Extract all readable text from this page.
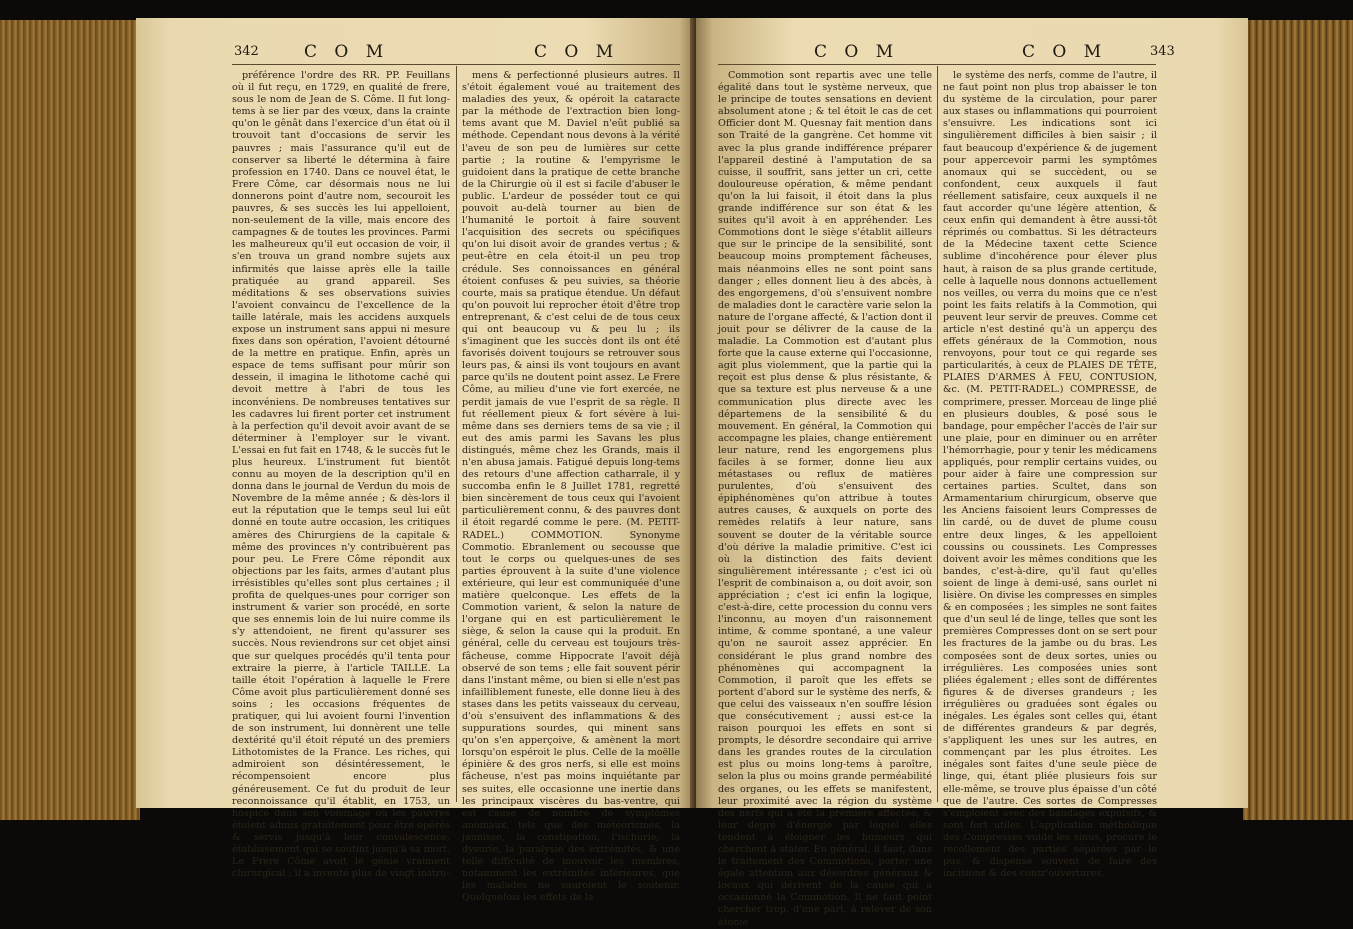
342	C O M	C O M

préférence l'ordre des RR. PP. Feuillans où il fut reçu, en 1729, en qualité de frere, sous le nom de Jean de S. Côme. Il fut long-tems à se lier par des vœux, dans la crainte qu'on le gênât dans l'exercice d'un état où il trouvoit tant d'occasions de servir les pauvres ; mais l'assurance qu'il eut de conserver sa liberté le détermina à faire profession en 1740. Dans ce nouvel état, le Frere Côme, car désormais nous ne lui donnerons point d'autre nom, secouroit les pauvres, & ses succès les lui appelloient, non-seulement de la ville, mais encore des campagnes & de toutes les provinces. Parmi les malheureux qu'il eut occasion de voir, il s'en trouva un grand nombre sujets aux infirmités que laisse après elle la taille pratiquée au grand appareil. Ses méditations & ses observations suivies l'avoient convaincu de l'excellence de la taille latérale, mais les accidens auxquels expose un instrument sans appui ni mesure fixes dans son opération, l'avoient détourné de la mettre en pratique. Enfin, après un espace de tems suffisant pour mûrir son dessein, il imagina le lithotome caché qui devoit mettre à l'abri de tous les inconvéniens. De nombreuses tentatives sur les cadavres lui firent porter cet instrument à la perfection qu'il devoit avoir avant de se déterminer à l'employer sur le vivant. L'essai en fut fait en 1748, & le succès fut le plus heureux. L'instrument fut bientôt connu au moyen de la description qu'il en donna dans le journal de Verdun du mois de Novembre de la même année ; & dès-lors il eut la réputation que le temps seul lui eût donné en toute autre occasion, les critiques amères des Chirurgiens de la capitale & même des provinces n'y contribuèrent pas pour peu. Le Frere Côme répondit aux objections par les faits, armes d'autant plus irrésistibles qu'elles sont plus certaines ; il profita de quelques-unes pour corriger son instrument & varier son procédé, en sorte que ses ennemis loin de lui nuire comme ils s'y attendoient, ne firent qu'assurer ses succès. Nous reviendrons sur cet objet ainsi que sur quelques procédés qu'il tenta pour extraire la pierre, à l'article TAILLE. La taille étoit l'opération à laquelle le Frere Côme avoit plus particulièrement donné ses soins ; les occasions fréquentes de pratiquer, qui lui avoient fourni l'invention de son instrument, lui donnèrent une telle dextérité qu'il étoit réputé un des premiers Lithotomistes de la France. Les riches, qui admiroient son désintéressement, le récompensoient encore plus généreusement. Ce fut du produit de leur reconnoissance qu'il établit, en 1753, un hospice dans son voisinage où les pauvres étoient admis gratuitement pour être opérés & servis jusqu'à leur convalescence, établissement qui se soutint jusqu'à sa mort. Le Frere Côme avoit le génie vraiment chirurgical ; il a inventé plus de vingt instru-

mens & perfectionné plusieurs autres. Il s'étoit également voué au traitement des maladies des yeux, & opéroit la cataracte par la méthode de l'extraction bien long-tems avant que M. Daviel n'eût publié sa méthode. Cependant nous devons à la vérité l'aveu de son peu de lumières sur cette partie ; la routine & l'empyrisme le guidoient dans la pratique de cette branche de la Chirurgie où il est si facile d'abuser le public. L'ardeur de posséder tout ce qui pouvoit au-delà tourner au bien de l'humanité le portoit à faire souvent l'acquisition des secrets ou spécifiques qu'on lui disoit avoir de grandes vertus ; & peut-être en cela étoit-il un peu trop crédule. Ses connoissances en général étoient confuses & peu suivies, sa théorie courte, mais sa pratique étendue. Un défaut qu'on pouvoit lui reprocher étoit d'être trop entreprenant, & c'est celui de de tous ceux qui ont beaucoup vu & peu lu ; ils s'imaginent que les succès dont ils ont été favorisés doivent toujours se retrouver sous leurs pas, & ainsi ils vont toujours en avant parce qu'ils ne doutent point assez. Le Frere Côme, au milieu d'une vie fort exercée, ne perdit jamais de vue l'esprit de sa règle. Il fut réellement pieux & fort sévère à lui-même dans ses derniers tems de sa vie ; il eut des amis parmi les Savans les plus distingués, même chez les Grands, mais il n'en abusa jamais. Fatigué depuis long-tems des retours d'une affection catharrale, il y succomba enfin le 8 Juillet 1781, regretté bien sincèrement de tous ceux qui l'avoient particulièrement connu, & des pauvres dont il étoit regardé comme le pere. (M. PETIT-RADEL.) COMMOTION. Synonyme Commotio. Ebranlement ou secousse que tout le corps ou quelques-unes de ses parties éprouvent à la suite d'une violence extérieure, qui leur est communiquée d'une matière quelconque. Les effets de la Commotion varient, & selon la nature de l'organe qui en est particulièrement le siège, & selon la cause qui la produit. En général, celle du cerveau est toujours très-fâcheuse, comme Hippocrate l'avoit déjà observé de son tems ; elle fait souvent périr dans l'instant même, ou bien si elle n'est pas infailliblement funeste, elle donne lieu à des stases dans les petits vaisseaux du cerveau, d'où s'ensuivent des inflammations & des suppurations sourdes, qui minent sans qu'on s'en apperçoive, & amènent la mort lorsqu'on espéroit le plus. Celle de la moëlle épinière & des gros nerfs, si elle est moins fâcheuse, n'est pas moins inquiétante par ses suites, elle occasionne une inertie dans les principaux viscères du bas-ventre, qui est cause de nombre de symptômes anomaux, tels que des météorismes, la jaunisse, la constipation, l'ischurie, la dysurie, la paralysie des extrémités, & une telle difficulté de mouvoir les membres, notamment les extrémités inférieures, que les malades ne sauroient le soutenir. Quelquefois les effets de la

C O M	C O M	343

Commotion sont repartis avec une telle égalité dans tout le système nerveux, que le principe de toutes sensations en devient absolument atone ; & tel étoit le cas de cet Officier dont M. Quesnay fait mention dans son Traité de la gangrène. Cet homme vit avec la plus grande indifférence préparer l'appareil destiné à l'amputation de sa cuisse, il souffrit, sans jetter un cri, cette douloureuse opération, & même pendant qu'on la lui faisoit, il étoit dans la plus grande indifférence sur son état & les suites qu'il avoit à en appréhender. Les Commotions dont le siège s'établit ailleurs que sur le principe de la sensibilité, sont beaucoup moins promptement fâcheuses, mais néanmoins elles ne sont point sans danger ; elles donnent lieu à des abcès, à des engorgemens, d'où s'ensuivent nombre de maladies dont le caractère varie selon la nature de l'organe affecté, & l'action dont il jouit pour se délivrer de la cause de la maladie. La Commotion est d'autant plus forte que la cause externe qui l'occasionne, agit plus violemment, que la partie qui la reçoit est plus dense & plus résistante, & que sa texture est plus nerveuse & a une communication plus directe avec les départemens de la sensibilité & du mouvement. En général, la Commotion qui accompagne les plaies, change entièrement leur nature, rend les engorgemens plus faciles à se former, donne lieu aux métastases ou reflux de matières purulentes, d'où s'ensuivent des épiphénomènes qu'on attribue à toutes autres causes, & auxquels on porte des remèdes relatifs à leur nature, sans souvent se douter de la véritable source d'où dérive la maladie primitive. C'est ici où la distinction des faits devient singulièrement intéressante ; c'est ici où l'esprit de combinaison a, ou doit avoir, son appréciation ; c'est ici enfin la logique, c'est-à-dire, cette procession du connu vers l'inconnu, au moyen d'un raisonnement intime, & comme spontané, a une valeur qu'on ne sauroit assez apprécier. En considérant le plus grand nombre des phénomènes qui accompagnent la Commotion, il paroît que les effets se portent d'abord sur le système des nerfs, & que celui des vaisseaux n'en souffre lésion que consécutivement ; aussi est-ce la raison pourquoi les effets en sont si prompts, le désordre secondaire qui arrive dans les grandes routes de la circulation est plus ou moins long-tems à paroître, selon la plus ou moins grande perméabilité des organes, ou les effets se manifestent, leur proximité avec la région du système des nerfs qui a été la première affectée, & leur degré d'énergie par lequel elles tendent à éloigner les humeurs qui cherchent à stater. En général, il faut, dans le traitement des Commotions, porter une égale attention aux désordres généraux & locaux qui dérivent de la cause qui a occasionné la Commotion. Il ne faut point chercher trop, d'une part, à relever de son atonie

le système des nerfs, comme de l'autre, il ne faut point non plus trop abaisser le ton du système de la circulation, pour parer aux stases ou inflammations qui pourroient s'ensuivre. Les indications sont ici singulièrement difficiles à bien saisir ; il faut beaucoup d'expérience & de jugement pour appercevoir parmi les symptômes anomaux qui se succèdent, ou se confondent, ceux auxquels il faut réellement satisfaire, ceux auxquels il ne faut accorder qu'une légère attention, & ceux enfin qui demandent à être aussi-tôt réprimés ou combattus. Si les détracteurs de la Médecine taxent cette Science sublime d'incohérence pour élever plus haut, à raison de sa plus grande certitude, celle à laquelle nous donnons actuellement nos veilles, ou verra du moins que ce n'est point les faits relatifs à la Commotion, qui peuvent leur servir de preuves. Comme cet article n'est destiné qu'à un apperçu des effets généraux de la Commotion, nous renvoyons, pour tout ce qui regarde ses particularités, à ceux de PLAIES DE TÊTE, PLAIES D'ARMES À FEU, CONTUSION, &c. (M. PETIT-RADEL.) COMPRESSE, de comprimere, presser. Morceau de linge plié en plusieurs doubles, & posé sous le bandage, pour empêcher l'accès de l'air sur une plaie, pour en diminuer ou en arrêter l'hémorrhagie, pour y tenir les médicamens appliqués, pour remplir certains vuides, ou pour aider à faire une compression sur certaines parties. Scultet, dans son Armamentarium chirurgicum, observe que les Anciens faisoient leurs Compresses de lin cardé, ou de duvet de plume cousu entre deux linges, & les appelloient coussins ou coussinets. Les Compresses doivent avoir les mêmes conditions que les bandes, c'est-à-dire, qu'il faut qu'elles soient de linge à demi-usé, sans ourlet ni lisière. On divise les compresses en simples & en composées ; les simples ne sont faites que d'un seul lé de linge, telles que sont les premières Compresses dont on se sert pour les fractures de la jambe ou du bras. Les composées sont de deux sortes, unies ou irrégulières. Les composées unies sont pliées également ; elles sont de différentes figures & de diverses grandeurs ; les irrégulières ou graduées sont égales ou inégales. Les égales sont celles qui, étant de différentes grandeurs & par degrés, s'appliquent les unes sur les autres, en commençant par les plus étroites. Les inégales sont faites d'une seule pièce de linge, qui, étant pliée plusieurs fois sur elle-même, se trouve plus épaisse d'un côté que de l'autre. Ces sortes de Compresses s'emploient avec des bandages expulsifs, & sont fort utiles. L'application méthodique des Compresses vuide les sinus, procure le recollement des parties séparées par le pus, & dispense souvent de faire des incisions & des contr'ouvertures.
